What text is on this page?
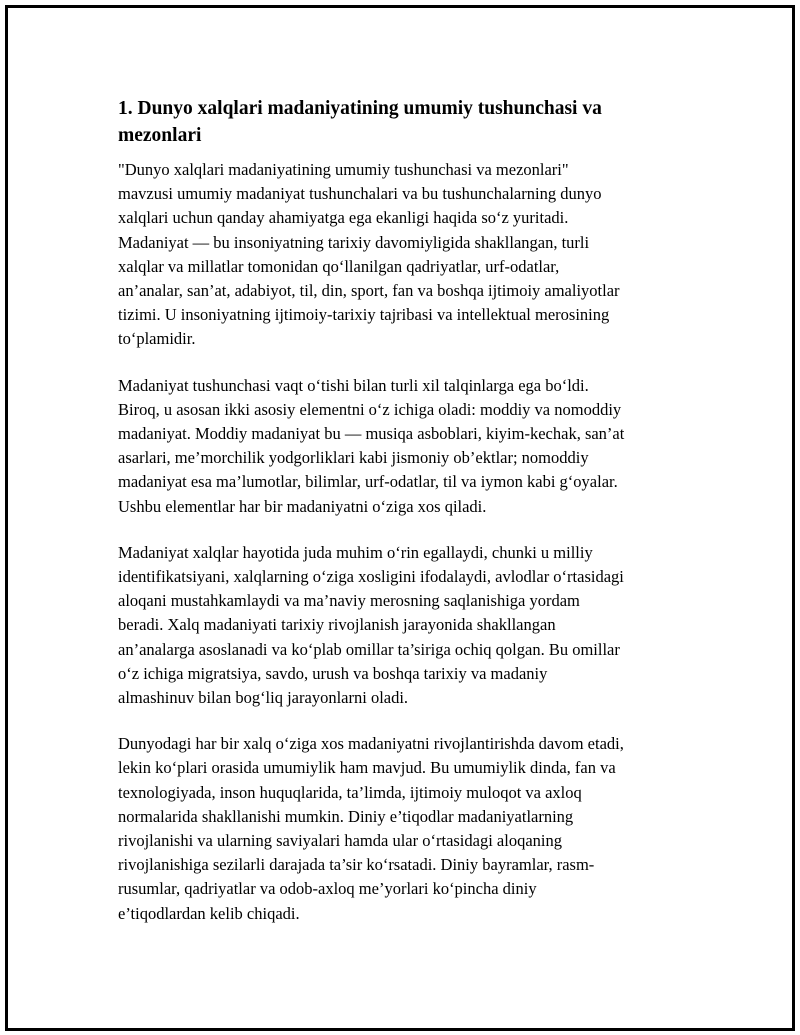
1. Dunyo xalqlari madaniyatining umumiy tushunchasi va
mezonlari

"Dunyo xalqlari madaniyatining umumiy tushunchasi va mezonlari"
mavzusi umumiy madaniyat tushunchalari va bu tushunchalarning dunyo
xalqlari uchun qanday ahamiyatga ega ekanligi haqida so‘z yuritadi.
Madaniyat — bu insoniyatning tarixiy davomiyligida shakllangan, turli
xalqlar va millatlar tomonidan qo‘llanilgan qadriyatlar, urf-odatlar,
an’analar, san’at, adabiyot, til, din, sport, fan va boshqa ijtimoiy amaliyotlar
tizimi. U insoniyatning ijtimoiy-tarixiy tajribasi va intellektual merosining
to‘plamidir.

Madaniyat tushunchasi vaqt o‘tishi bilan turli xil talqinlarga ega bo‘ldi.
Biroq, u asosan ikki asosiy elementni o‘z ichiga oladi: moddiy va nomoddiy
madaniyat. Moddiy madaniyat bu — musiqa asboblari, kiyim-kechak, san’at
asarlari, me’morchilik yodgorliklari kabi jismoniy ob’ektlar; nomoddiy
madaniyat esa ma’lumotlar, bilimlar, urf-odatlar, til va iymon kabi g‘oyalar.
Ushbu elementlar har bir madaniyatni o‘ziga xos qiladi.

Madaniyat xalqlar hayotida juda muhim o‘rin egallaydi, chunki u milliy
identifikatsiyani, xalqlarning o‘ziga xosligini ifodalaydi, avlodlar o‘rtasidagi
aloqani mustahkamlaydi va ma’naviy merosning saqlanishiga yordam
beradi. Xalq madaniyati tarixiy rivojlanish jarayonida shakllangan
an’analarga asoslanadi va ko‘plab omillar ta’siriga ochiq qolgan. Bu omillar
o‘z ichiga migratsiya, savdo, urush va boshqa tarixiy va madaniy
almashinuv bilan bog‘liq jarayonlarni oladi.

Dunyodagi har bir xalq o‘ziga xos madaniyatni rivojlantirishda davom etadi,
lekin ko‘plari orasida umumiylik ham mavjud. Bu umumiylik dinda, fan va
texnologiyada, inson huquqlarida, ta’limda, ijtimoiy muloqot va axloq
normalarida shakllanishi mumkin. Diniy e’tiqodlar madaniyatlarning
rivojlanishi va ularning saviyalari hamda ular o‘rtasidagi aloqaning
rivojlanishiga sezilarli darajada ta’sir ko‘rsatadi. Diniy bayramlar, rasm-
rusumlar, qadriyatlar va odob-axloq me’yorlari ko‘pincha diniy
e’tiqodlardan kelib chiqadi.
